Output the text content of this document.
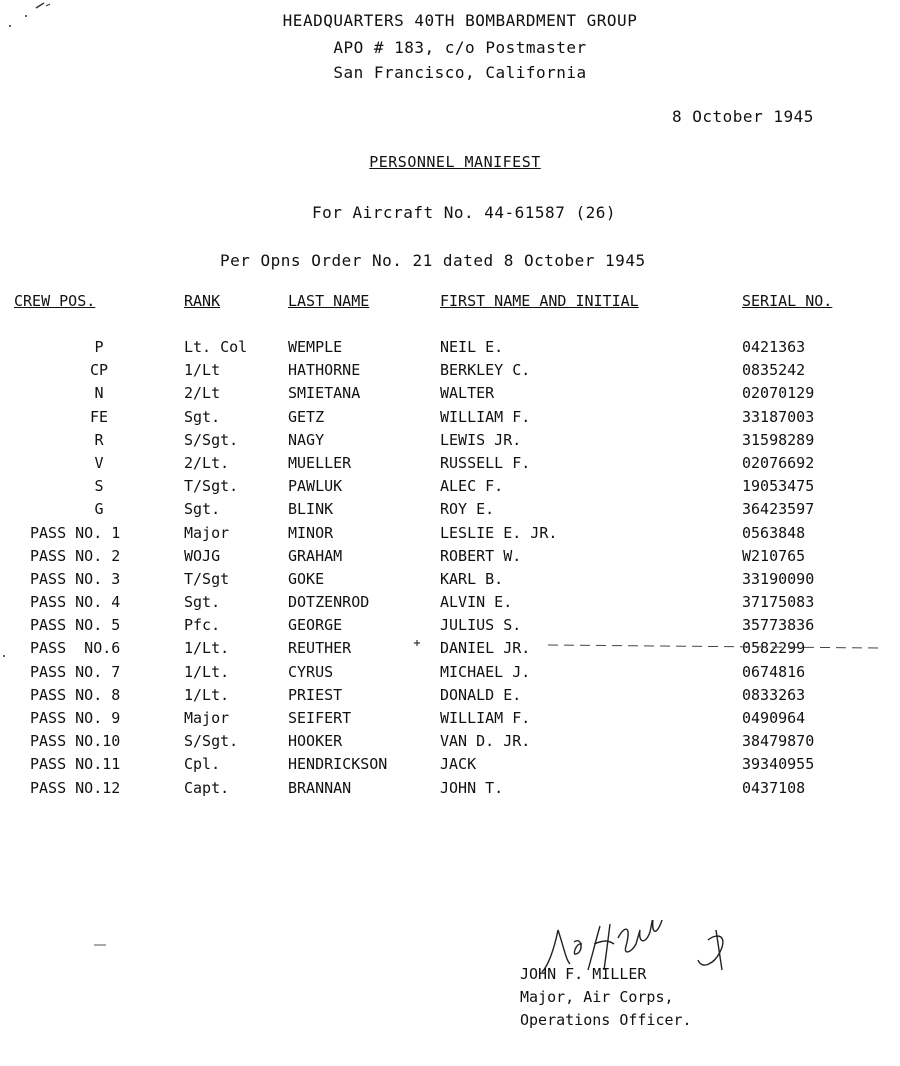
HEADQUARTERS 40TH BOMBARDMENT GROUP
APO # 183, c/o Postmaster
San Francisco, California
8 October 1945
PERSONNEL MANIFEST
For Aircraft No. 44-61587 (26)
Per Opns Order No. 21 dated 8 October 1945
CREW POS.	RANK	LAST NAME	FIRST NAME AND INITIAL	SERIAL NO.

P	Lt. Col	WEMPLE	NEIL E.	0421363
CP	1/Lt	HATHORNE	BERKLEY C.	0835242
N	2/Lt	SMIETANA	WALTER	02070129
FE	Sgt.	GETZ	WILLIAM F.	33187003
R	S/Sgt.	NAGY	LEWIS JR.	31598289
V	2/Lt.	MUELLER	RUSSELL F.	02076692
S	T/Sgt.	PAWLUK	ALEC F.	19053475
G	Sgt.	BLINK	ROY E.	36423597
PASS NO. 1	Major	MINOR	LESLIE E. JR.	0563848
PASS NO. 2	WOJG	GRAHAM	ROBERT W.	W210765
PASS NO. 3	T/Sgt	GOKE	KARL B.	33190090
PASS NO. 4	Sgt.	DOTZENROD	ALVIN E.	37175083
PASS NO. 5	Pfc.	GEORGE	JULIUS S.	35773836
PASS  NO.6	1/Lt.	REUTHER	DANIEL JR.	0582299
PASS NO. 7	1/Lt.	CYRUS	MICHAEL J.	0674816
PASS NO. 8	1/Lt.	PRIEST	DONALD E.	0833263
PASS NO. 9	Major	SEIFERT	WILLIAM F.	0490964
PASS NO.10	S/Sgt.	HOOKER	VAN D. JR.	38479870
PASS NO.11	Cpl.	HENDRICKSON	JACK	39340955
PASS NO.12	Capt.	BRANNAN	JOHN T.	0437108
JOHN F. MILLER
Major, Air Corps,
Operations Officer.
